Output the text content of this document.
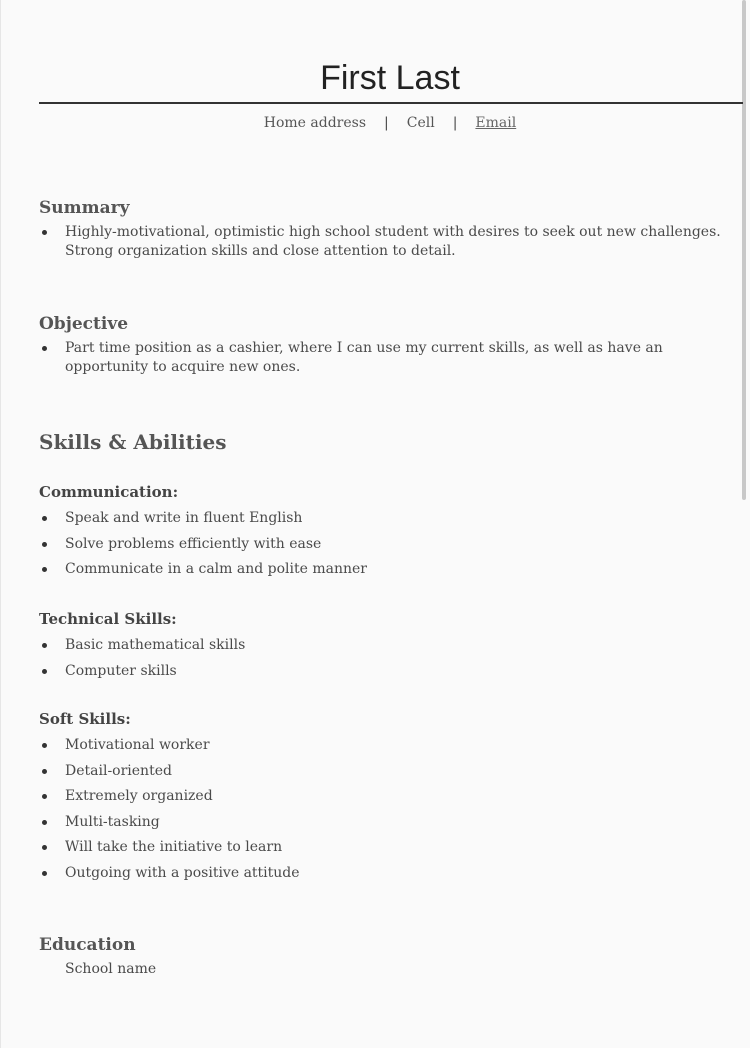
First Last
Home address | Cell | Email
Summary
Highly-motivational, optimistic high school student with desires to seek out new challenges. Strong organization skills and close attention to detail.
Objective
Part time position as a cashier, where I can use my current skills, as well as have an opportunity to acquire new ones.
Skills & Abilities
Communication:
Speak and write in fluent English
Solve problems efficiently with ease
Communicate in a calm and polite manner
Technical Skills:
Basic mathematical skills
Computer skills
Soft Skills:
Motivational worker
Detail-oriented
Extremely organized
Multi-tasking
Will take the initiative to learn
Outgoing with a positive attitude
Education
School name
